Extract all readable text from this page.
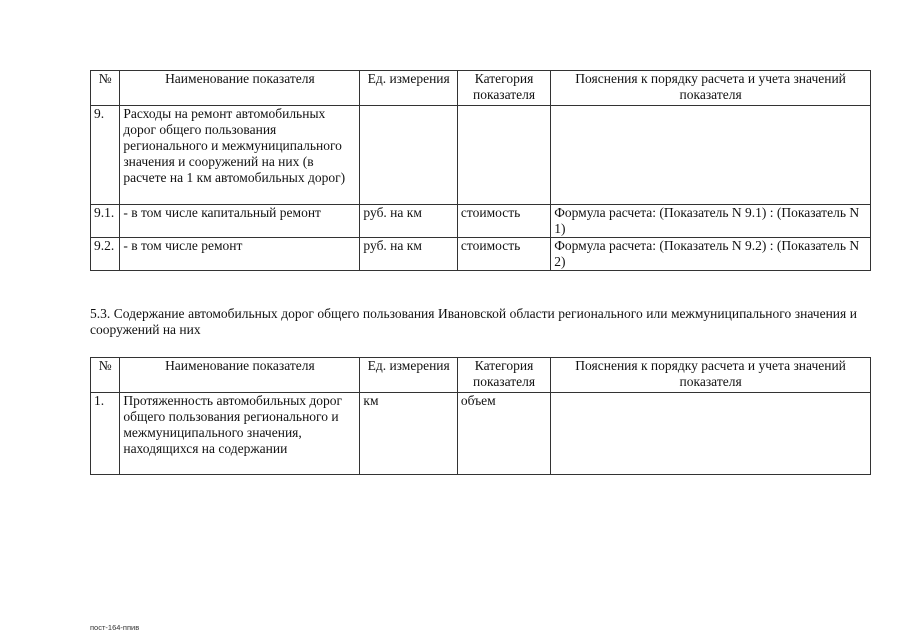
№	Наименование показателя	Ед. измерения	Категория показателя	Пояснения к порядку расчета и учета значений показателя
9.	Расходы на ремонт автомобильных дорог общего пользования регионального и межмуниципального значения и сооружений на них (в расчете на 1 км автомобильных дорог)			
9.1.	- в том числе капитальный ремонт	руб. на км	стоимость	Формула расчета: (Показатель N 9.1) : (Показатель N 1)
9.2.	- в том числе ремонт	руб. на км	стоимость	Формула расчета: (Показатель N 9.2) : (Показатель N 2)
5.3. Содержание автомобильных дорог общего пользования Ивановской области регионального или межмуниципального значения и сооружений на них
№	Наименование показателя	Ед. измерения	Категория показателя	Пояснения к порядку расчета и учета значений показателя
1.	Протяженность автомобильных дорог общего пользования регионального и межмуниципального значения, находящихся на содержании	км	объем	
пост-164-ппив
